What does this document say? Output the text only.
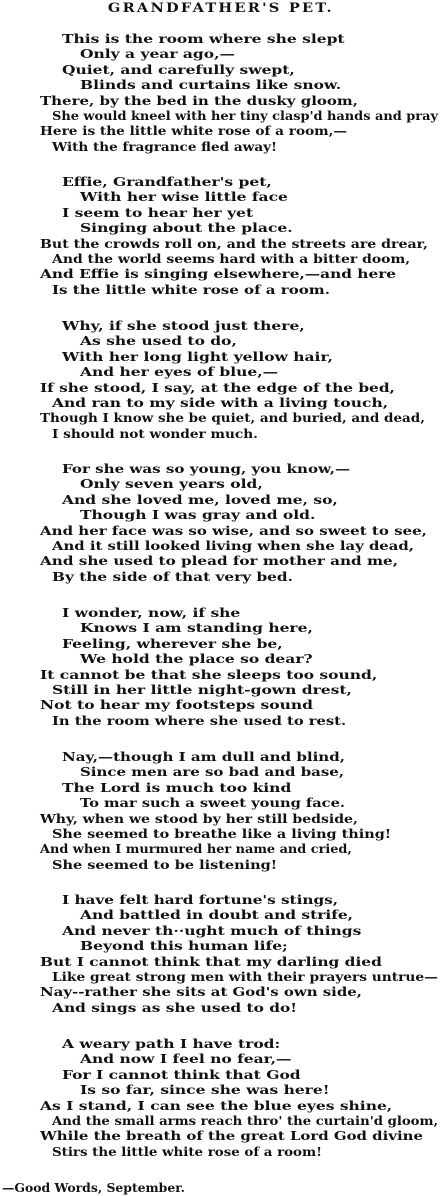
GRANDFATHER'S PET.
This is the room where she slept
Only a year ago,—
Quiet, and carefully swept,
Blinds and curtains like snow.
There, by the bed in the dusky gloom,
She would kneel with her tiny clasp'd hands and pray
Here is the little white rose of a room,—
With the fragrance fled away!
Effie, Grandfather's pet,
With her wise little face
I seem to hear her yet
Singing about the place.
But the crowds roll on, and the streets are drear,
And the world seems hard with a bitter doom,
And Effie is singing elsewhere,—and here
Is the little white rose of a room.
Why, if she stood just there,
As she used to do,
With her long light yellow hair,
And her eyes of blue,—
If she stood, I say, at the edge of the bed,
And ran to my side with a living touch,
Though I know she be quiet, and buried, and dead,
I should not wonder much.
For she was so young, you know,—
Only seven years old,
And she loved me, loved me, so,
Though I was gray and old.
And her face was so wise, and so sweet to see,
And it still looked living when she lay dead,
And she used to plead for mother and me,
By the side of that very bed.
I wonder, now, if she
Knows I am standing here,
Feeling, wherever she be,
We hold the place so dear?
It cannot be that she sleeps too sound,
Still in her little night-gown drest,
Not to hear my footsteps sound
In the room where she used to rest.
Nay,—though I am dull and blind,
Since men are so bad and base,
The Lord is much too kind
To mar such a sweet young face.
Why, when we stood by her still bedside,
She seemed to breathe like a living thing!
And when I murmured her name and cried,
She seemed to be listening!
I have felt hard fortune's stings,
And battled in doubt and strife,
And never th··ught much of things
Beyond this human life;
But I cannot think that my darling died
Like great strong men with their prayers untrue—
Nay--rather she sits at God's own side,
And sings as she used to do!
A weary path I have trod:
And now I feel no fear,—
For I cannot think that God
Is so far, since she was here!
As I stand, I can see the blue eyes shine,
And the small arms reach thro' the curtain'd gloom,
While the breath of the great Lord God divine
Stirs the little white rose of a room!
—Good Words, September.
